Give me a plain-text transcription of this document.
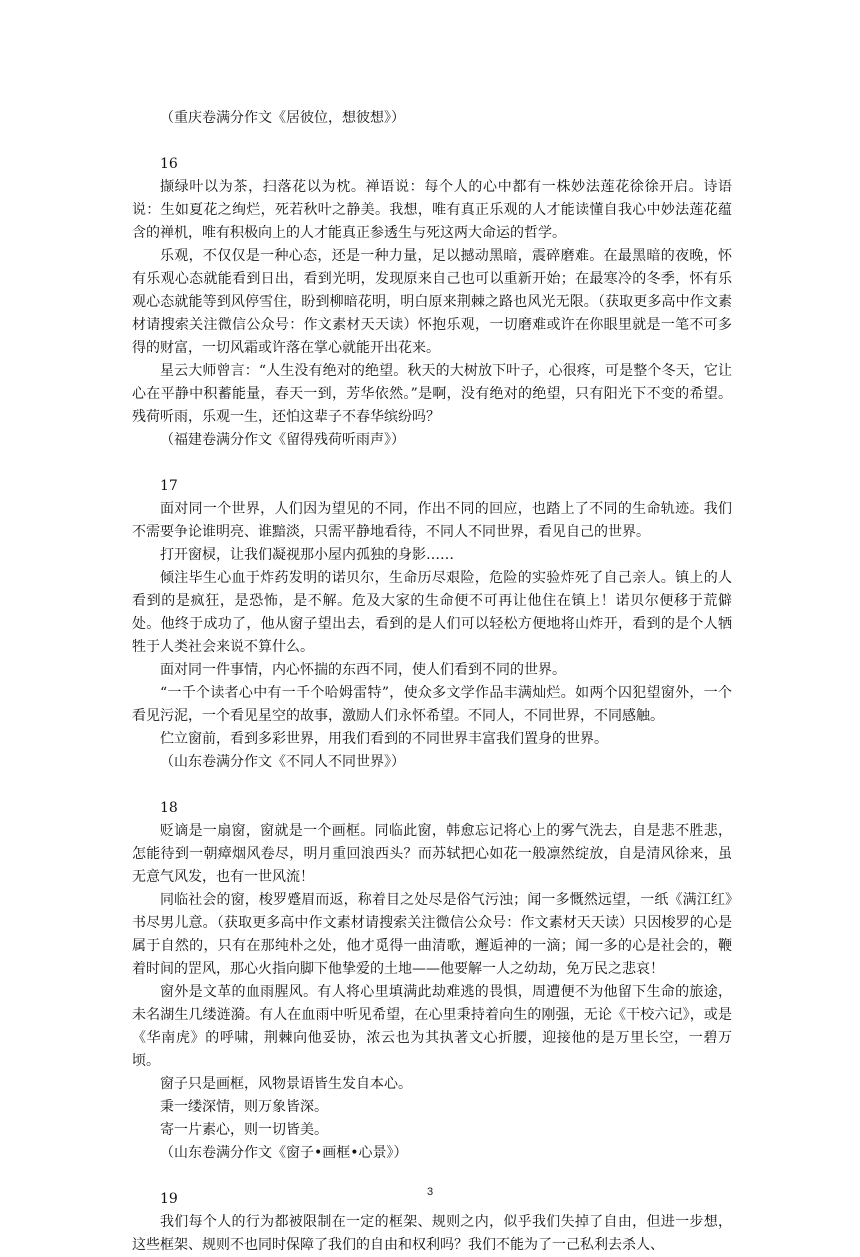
（重庆卷满分作文《居彼位，想彼想》）

16

撷绿叶以为茶，扫落花以为枕。禅语说：每个人的心中都有一株妙法莲花徐徐开启。诗语说：生如夏花之绚烂，死若秋叶之静美。我想，唯有真正乐观的人才能读懂自我心中妙法莲花蕴含的禅机，唯有积极向上的人才能真正参透生与死这两大命运的哲学。

乐观，不仅仅是一种心态，还是一种力量，足以撼动黑暗，震碎磨难。在最黑暗的夜晚，怀有乐观心态就能看到日出，看到光明，发现原来自己也可以重新开始；在最寒冷的冬季，怀有乐观心态就能等到风停雪住，盼到柳暗花明，明白原来荆棘之路也风光无限。（获取更多高中作文素材请搜索关注微信公众号：作文素材天天读）怀抱乐观，一切磨难或许在你眼里就是一笔不可多得的财富，一切风霜或许落在掌心就能开出花来。

星云大师曾言：“人生没有绝对的绝望。秋天的大树放下叶子，心很疼，可是整个冬天，它让心在平静中积蓄能量，春天一到，芳华依然。”是啊，没有绝对的绝望，只有阳光下不变的希望。残荷听雨，乐观一生，还怕这辈子不春华缤纷吗？

（福建卷满分作文《留得残荷听雨声》）

17

面对同一个世界，人们因为望见的不同，作出不同的回应，也踏上了不同的生命轨迹。我们不需要争论谁明亮、谁黯淡，只需平静地看待，不同人不同世界，看见自己的世界。

打开窗棂，让我们凝视那小屋内孤独的身影……

倾注毕生心血于炸药发明的诺贝尔，生命历尽艰险，危险的实验炸死了自己亲人。镇上的人看到的是疯狂，是恐怖，是不解。危及大家的生命便不可再让他住在镇上！诺贝尔便移于荒僻处。他终于成功了，他从窗子望出去，看到的是人们可以轻松方便地将山炸开，看到的是个人牺牲于人类社会来说不算什么。

面对同一件事情，内心怀揣的东西不同，使人们看到不同的世界。

“一千个读者心中有一千个哈姆雷特”，使众多文学作品丰满灿烂。如两个囚犯望窗外，一个看见污泥，一个看见星空的故事，激励人们永怀希望。不同人，不同世界，不同感触。

伫立窗前，看到多彩世界，用我们看到的不同世界丰富我们置身的世界。

（山东卷满分作文《不同人不同世界》）

18

贬谪是一扇窗，窗就是一个画框。同临此窗，韩愈忘记将心上的雾气洗去，自是悲不胜悲，怎能待到一朝瘴烟风卷尽，明月重回浪西头？而苏轼把心如花一般凛然绽放，自是清风徐来，虽无意气风发，也有一世风流！

同临社会的窗，梭罗蹙眉而返，称着目之处尽是俗气污浊；闻一多慨然远望，一纸《满江红》书尽男儿意。（获取更多高中作文素材请搜索关注微信公众号：作文素材天天读）只因梭罗的心是属于自然的，只有在那纯朴之处，他才觅得一曲清歌，邂逅神的一滴；闻一多的心是社会的，鞭着时间的罡风，那心火指向脚下他挚爱的土地——他要解一人之幼劫，免万民之悲哀！

窗外是文革的血雨腥风。有人将心里填满此劫难逃的畏惧，周遭便不为他留下生命的旅途，未名湖生几缕涟漪。有人在血雨中听见希望，在心里秉持着向生的刚强，无论《干校六记》，或是《华南虎》的呼啸，荆棘向他妥协，浓云也为其执著文心折腰，迎接他的是万里长空，一碧万顷。

窗子只是画框，风物景语皆生发自本心。

秉一缕深情，则万象皆深。

寄一片素心，则一切皆美。

（山东卷满分作文《窗子•画框•心景》）

19

我们每个人的行为都被限制在一定的框架、规则之内，似乎我们失掉了自由，但进一步想，这些框架、规则不也同时保障了我们的自由和权利吗？我们不能为了一己私利去杀人、

3
